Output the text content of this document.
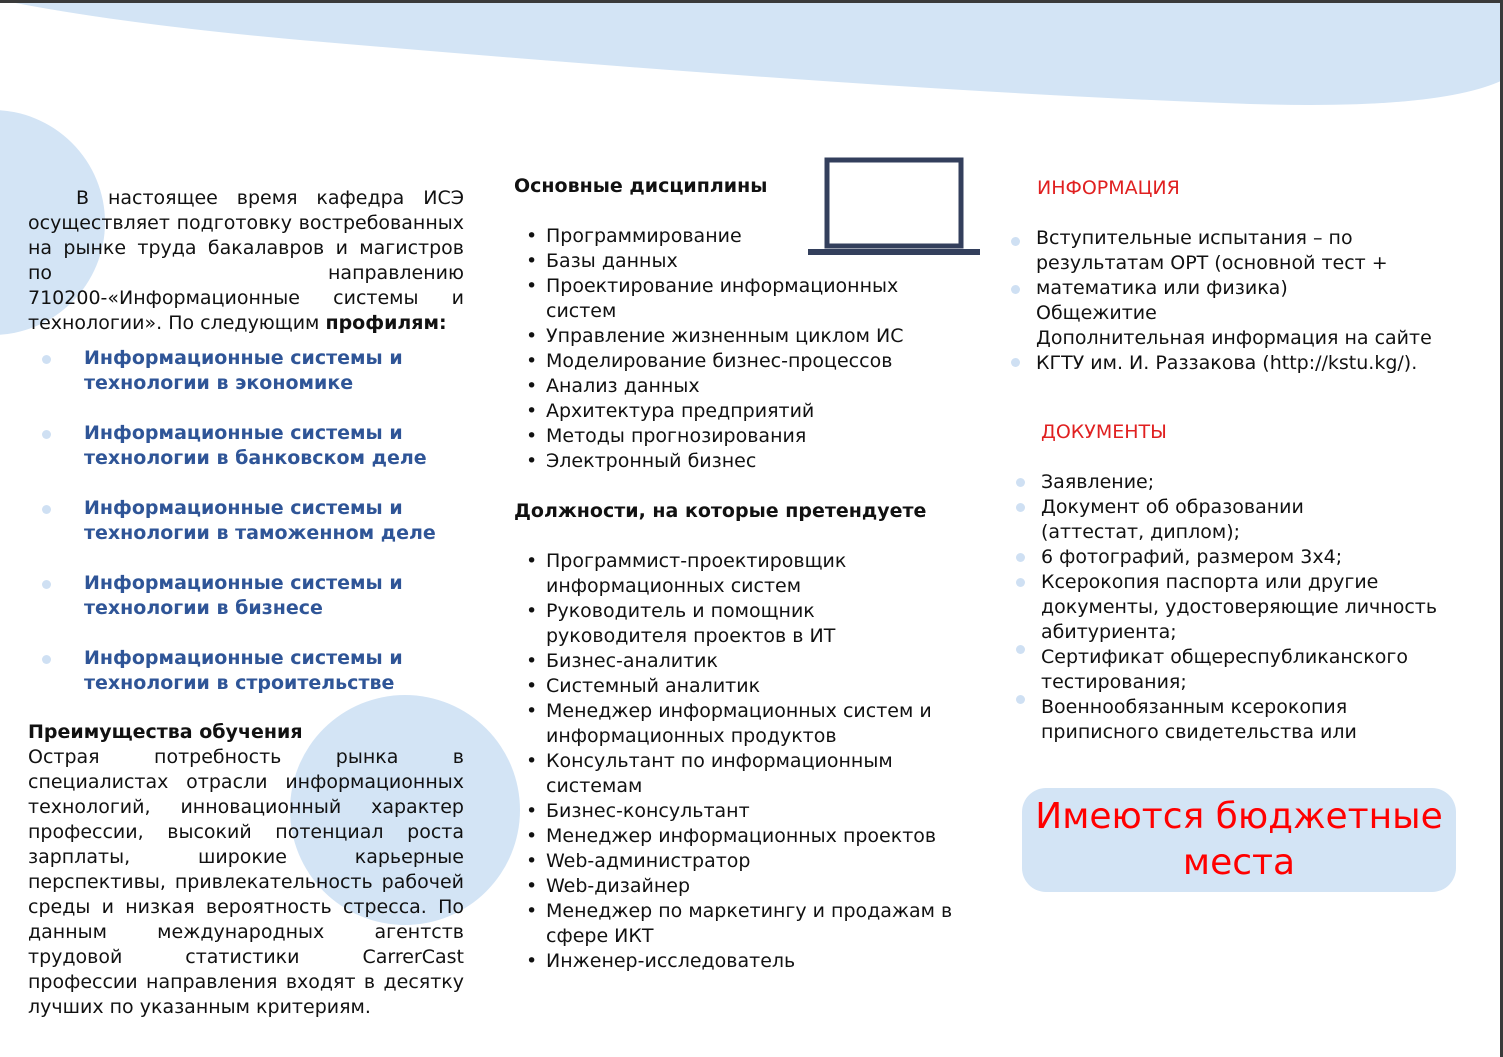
В настоящее время кафедра ИСЭ осуществляет подготовку востребованных на рынке труда бакалавров и магистров по направлению 710200-«Информационные системы и технологии». По следующим профилям:

Информационные системы и технологии в экономике
Информационные системы и технологии в банковском деле
Информационные системы и технологии в таможенном деле
Информационные системы и технологии в бизнесе
Информационные системы и технологии в строительстве
Преимущества обучения

Острая потребность рынка в специалистах отрасли информационных технологий, инновационный характер профессии, высокий потенциал роста зарплаты, широкие карьерные перспективы, привлекательность рабочей среды и низкая вероятность стресса. По данным международных агентств трудовой статистики CarrerCast профессии направления входят в десятку лучших по указанным критериям.

Основные дисциплины
• Программирование
• Базы данных
• Проектирование информационных систем
• Управление жизненным циклом ИС
• Моделирование бизнес-процессов
• Анализ данных
• Архитектура предприятий
• Методы прогнозирования
• Электронный бизнес
Должности, на которые претендуете
• Программист-проектировщик информационных систем
• Руководитель и помощник руководителя проектов в ИТ
• Бизнес-аналитик
• Системный аналитик
• Менеджер информационных систем и информационных продуктов
• Консультант по информационным системам
• Бизнес-консультант
• Менеджер информационных проектов
• Web-администратор
• Web-дизайнер
• Менеджер по маркетингу и продажам в сфере ИКТ
• Инженер-исследователь
ИНФОРМАЦИЯ
Вступительные испытания – по результатам ОРТ (основной тест + математика или физика)
Общежитие
Дополнительная информация на сайте КГТУ им. И. Раззакова (http://kstu.kg/).
ДОКУМЕНТЫ
Заявление;
Документ об образовании (аттестат, диплом);
6 фотографий, размером 3x4;
Ксерокопия паспорта или другие документы, удостоверяющие личность абитуриента;
Сертификат общереспубликанского тестирования;
Военнообязанным ксерокопия приписного свидетельства или
Имеются бюджетные места
